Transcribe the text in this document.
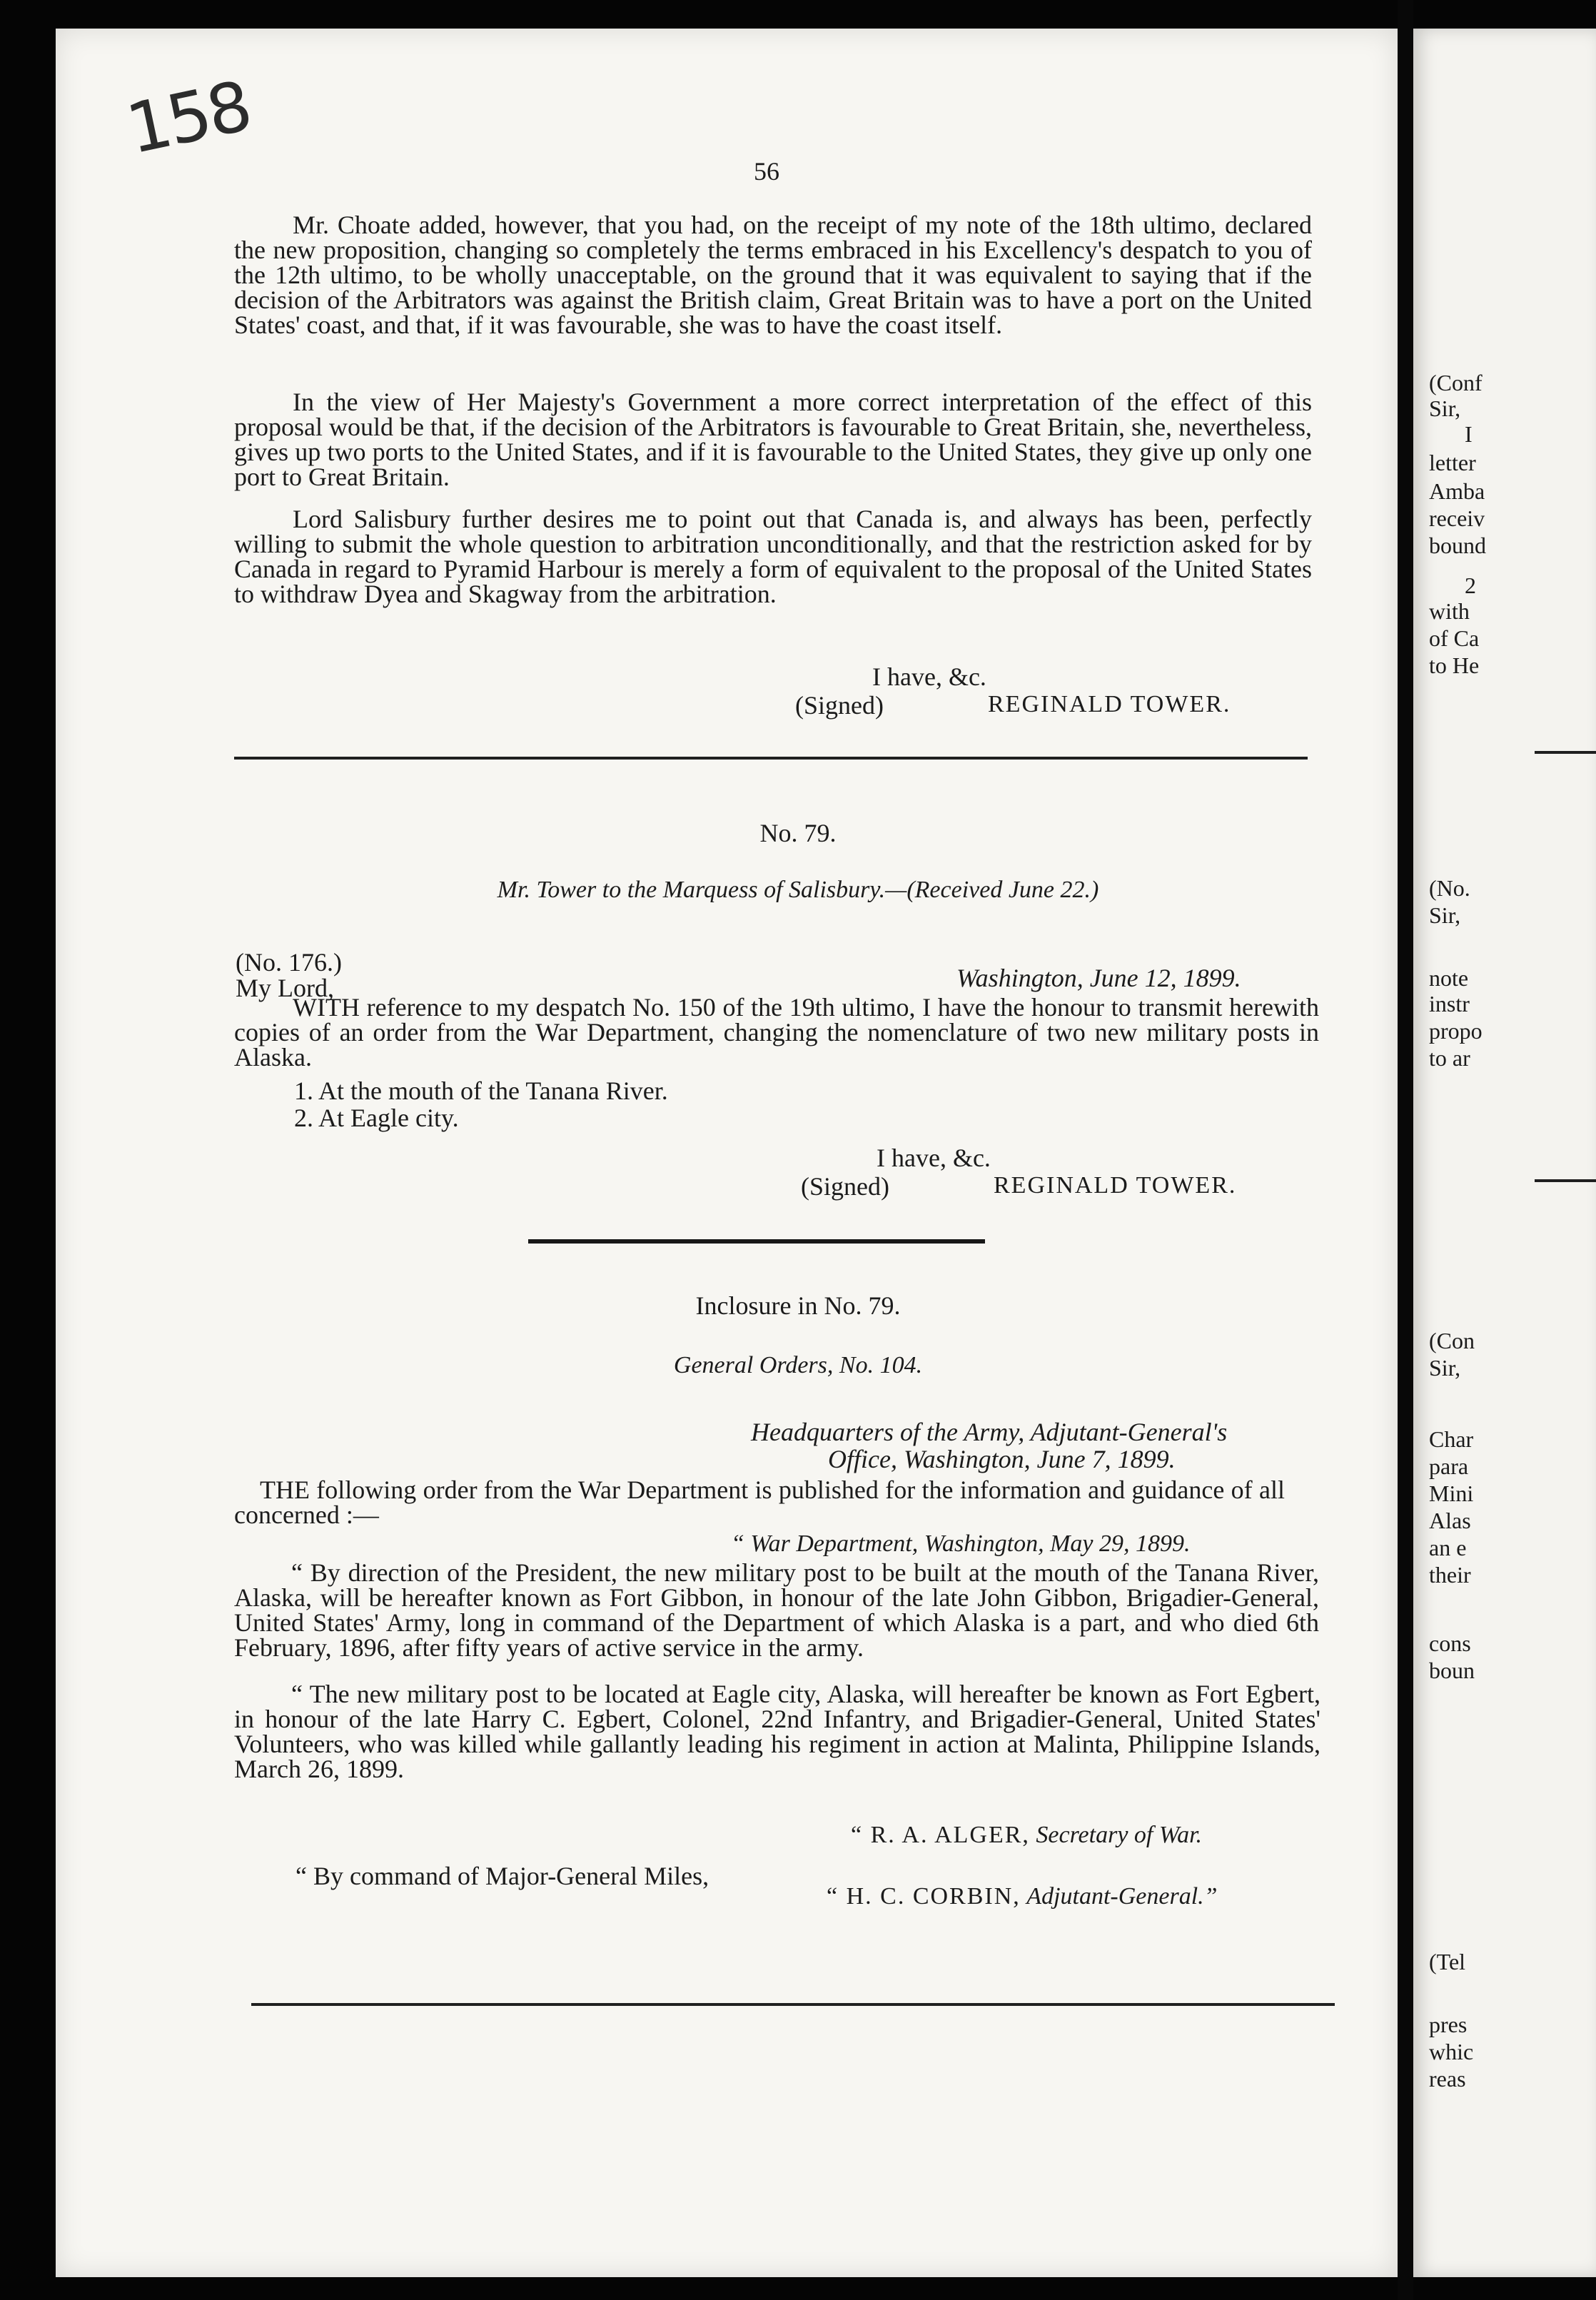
158
56
Mr. Choate added, however, that you had, on the receipt of my note of the 18th ultimo, declared the new proposition, changing so completely the terms embraced in his Excellency's despatch to you of the 12th ultimo, to be wholly unacceptable, on the ground that it was equivalent to saying that if the decision of the Arbitrators was against the British claim, Great Britain was to have a port on the United States' coast, and that, if it was favourable, she was to have the coast itself.
In the view of Her Majesty's Government a more correct interpretation of the effect of this proposal would be that, if the decision of the Arbitrators is favourable to Great Britain, she, nevertheless, gives up two ports to the United States, and if it is favourable to the United States, they give up only one port to Great Britain.
Lord Salisbury further desires me to point out that Canada is, and always has been, perfectly willing to submit the whole question to arbitration unconditionally, and that the restriction asked for by Canada in regard to Pyramid Harbour is merely a form of equivalent to the proposal of the United States to withdraw Dyea and Skagway from the arbitration.
I have, &c.
(Signed)	REGINALD TOWER.
No. 79.
Mr. Tower to the Marquess of Salisbury.—(Received June 22.)
(No. 176.)
My Lord,	Washington, June 12, 1899.
WITH reference to my despatch No. 150 of the 19th ultimo, I have the honour to transmit herewith copies of an order from the War Department, changing the nomenclature of two new military posts in Alaska.
1. At the mouth of the Tanana River.
2. At Eagle city.
I have, &c.
(Signed)	REGINALD TOWER.
Inclosure in No. 79.
General Orders, No. 104.
Headquarters of the Army, Adjutant-General's
Office, Washington, June 7, 1899.
THE following order from the War Department is published for the information and guidance of all concerned :—
“ War Department, Washington, May 29, 1899.
“ By direction of the President, the new military post to be built at the mouth of the Tanana River, Alaska, will be hereafter known as Fort Gibbon, in honour of the late John Gibbon, Brigadier-General, United States' Army, long in command of the Department of which Alaska is a part, and who died 6th February, 1896, after fifty years of active service in the army.
“ The new military post to be located at Eagle city, Alaska, will hereafter be known as Fort Egbert, in honour of the late Harry C. Egbert, Colonel, 22nd Infantry, and Brigadier-General, United States' Volunteers, who was killed while gallantly leading his regiment in action at Malinta, Philippine Islands, March 26, 1899.
“ R. A. ALGER, Secretary of War.
“ By command of Major-General Miles,
“ H. C. CORBIN, Adjutant-General.”
(Conf
Sir,
I
letter
Amba
receiv
bound
2
with
of Ca
to He
(No.
Sir,
note
instr
propo
to ar
(Con
Sir,
Char
para
Mini
Alas
an e
their
cons
boun
(Tel
pres
whic
reas
